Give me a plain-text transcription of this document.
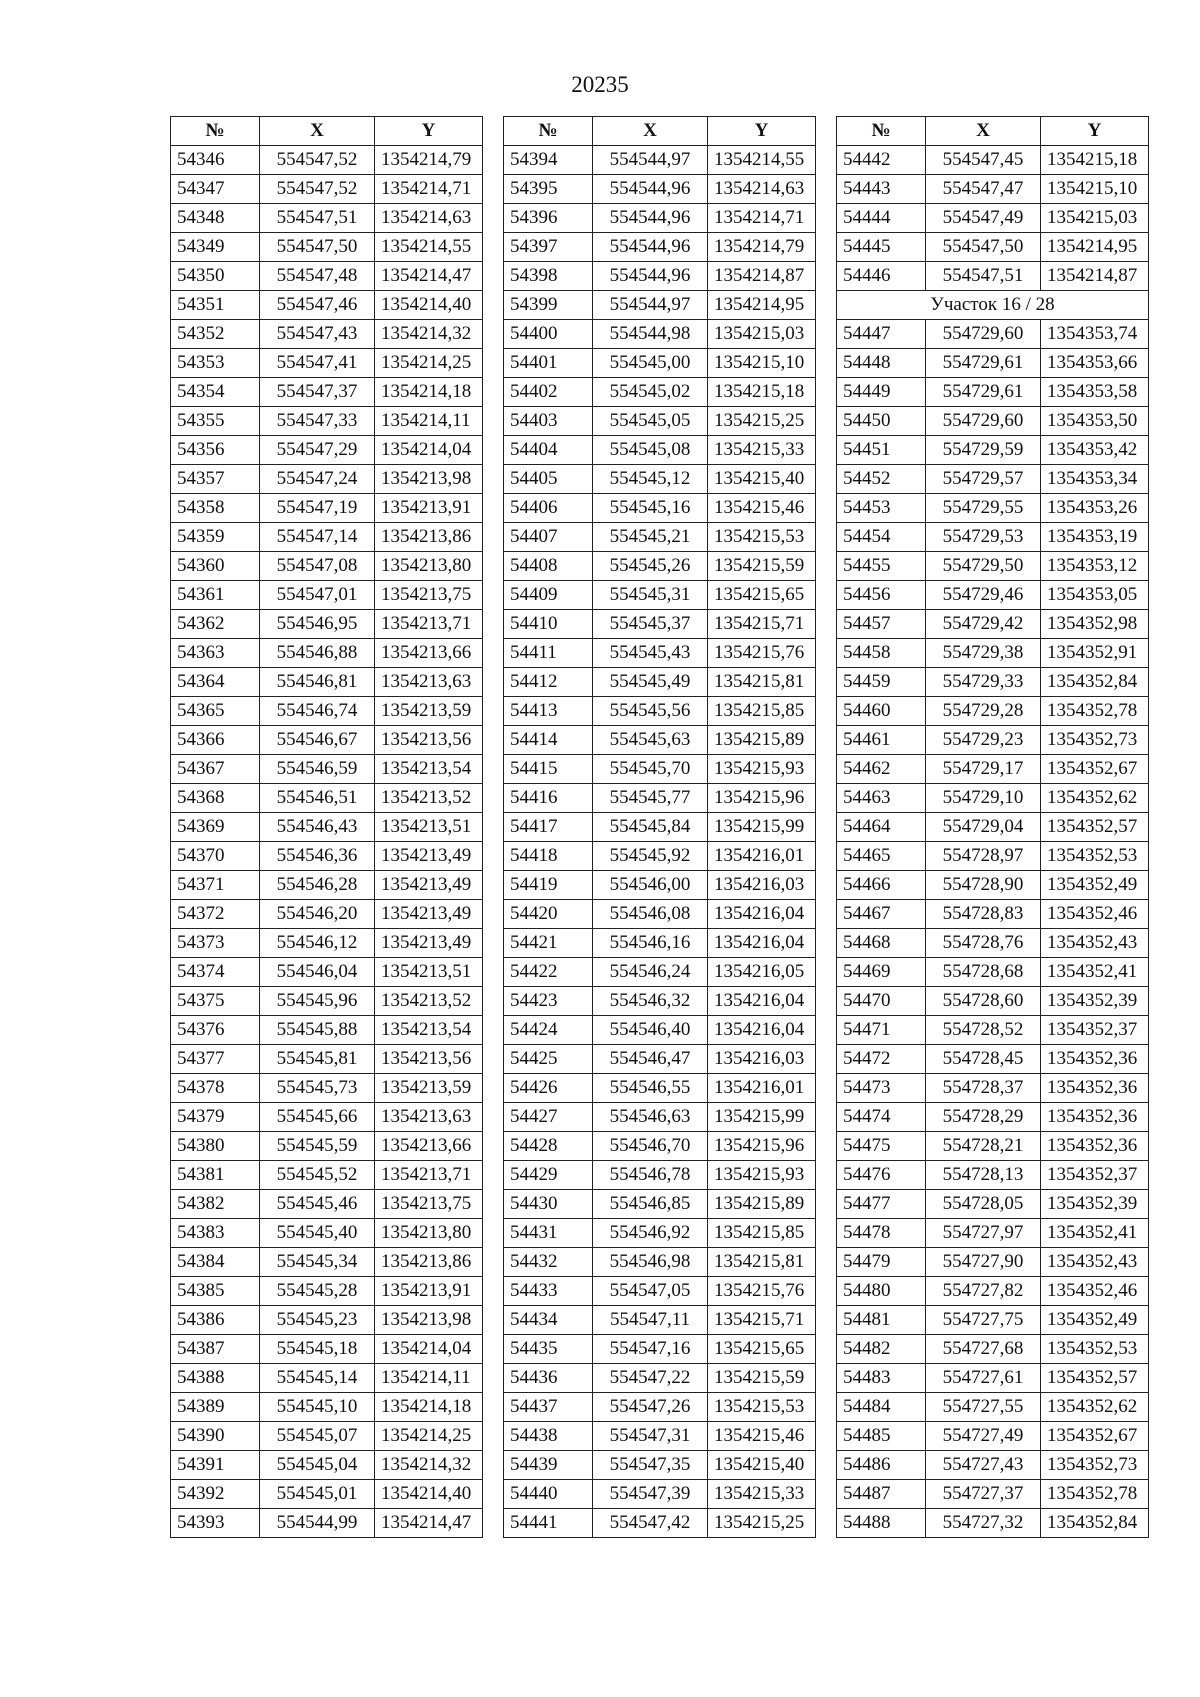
20235
№	X	Y
54346	554547,52	1354214,79
54347	554547,52	1354214,71
54348	554547,51	1354214,63
54349	554547,50	1354214,55
54350	554547,48	1354214,47
54351	554547,46	1354214,40
54352	554547,43	1354214,32
54353	554547,41	1354214,25
54354	554547,37	1354214,18
54355	554547,33	1354214,11
54356	554547,29	1354214,04
54357	554547,24	1354213,98
54358	554547,19	1354213,91
54359	554547,14	1354213,86
54360	554547,08	1354213,80
54361	554547,01	1354213,75
54362	554546,95	1354213,71
54363	554546,88	1354213,66
54364	554546,81	1354213,63
54365	554546,74	1354213,59
54366	554546,67	1354213,56
54367	554546,59	1354213,54
54368	554546,51	1354213,52
54369	554546,43	1354213,51
54370	554546,36	1354213,49
54371	554546,28	1354213,49
54372	554546,20	1354213,49
54373	554546,12	1354213,49
54374	554546,04	1354213,51
54375	554545,96	1354213,52
54376	554545,88	1354213,54
54377	554545,81	1354213,56
54378	554545,73	1354213,59
54379	554545,66	1354213,63
54380	554545,59	1354213,66
54381	554545,52	1354213,71
54382	554545,46	1354213,75
54383	554545,40	1354213,80
54384	554545,34	1354213,86
54385	554545,28	1354213,91
54386	554545,23	1354213,98
54387	554545,18	1354214,04
54388	554545,14	1354214,11
54389	554545,10	1354214,18
54390	554545,07	1354214,25
54391	554545,04	1354214,32
54392	554545,01	1354214,40
54393	554544,99	1354214,47
№	X	Y
54394	554544,97	1354214,55
54395	554544,96	1354214,63
54396	554544,96	1354214,71
54397	554544,96	1354214,79
54398	554544,96	1354214,87
54399	554544,97	1354214,95
54400	554544,98	1354215,03
54401	554545,00	1354215,10
54402	554545,02	1354215,18
54403	554545,05	1354215,25
54404	554545,08	1354215,33
54405	554545,12	1354215,40
54406	554545,16	1354215,46
54407	554545,21	1354215,53
54408	554545,26	1354215,59
54409	554545,31	1354215,65
54410	554545,37	1354215,71
54411	554545,43	1354215,76
54412	554545,49	1354215,81
54413	554545,56	1354215,85
54414	554545,63	1354215,89
54415	554545,70	1354215,93
54416	554545,77	1354215,96
54417	554545,84	1354215,99
54418	554545,92	1354216,01
54419	554546,00	1354216,03
54420	554546,08	1354216,04
54421	554546,16	1354216,04
54422	554546,24	1354216,05
54423	554546,32	1354216,04
54424	554546,40	1354216,04
54425	554546,47	1354216,03
54426	554546,55	1354216,01
54427	554546,63	1354215,99
54428	554546,70	1354215,96
54429	554546,78	1354215,93
54430	554546,85	1354215,89
54431	554546,92	1354215,85
54432	554546,98	1354215,81
54433	554547,05	1354215,76
54434	554547,11	1354215,71
54435	554547,16	1354215,65
54436	554547,22	1354215,59
54437	554547,26	1354215,53
54438	554547,31	1354215,46
54439	554547,35	1354215,40
54440	554547,39	1354215,33
54441	554547,42	1354215,25
№	X	Y
54442	554547,45	1354215,18
54443	554547,47	1354215,10
54444	554547,49	1354215,03
54445	554547,50	1354214,95
54446	554547,51	1354214,87
Участок 16 / 28		
54447	554729,60	1354353,74
54448	554729,61	1354353,66
54449	554729,61	1354353,58
54450	554729,60	1354353,50
54451	554729,59	1354353,42
54452	554729,57	1354353,34
54453	554729,55	1354353,26
54454	554729,53	1354353,19
54455	554729,50	1354353,12
54456	554729,46	1354353,05
54457	554729,42	1354352,98
54458	554729,38	1354352,91
54459	554729,33	1354352,84
54460	554729,28	1354352,78
54461	554729,23	1354352,73
54462	554729,17	1354352,67
54463	554729,10	1354352,62
54464	554729,04	1354352,57
54465	554728,97	1354352,53
54466	554728,90	1354352,49
54467	554728,83	1354352,46
54468	554728,76	1354352,43
54469	554728,68	1354352,41
54470	554728,60	1354352,39
54471	554728,52	1354352,37
54472	554728,45	1354352,36
54473	554728,37	1354352,36
54474	554728,29	1354352,36
54475	554728,21	1354352,36
54476	554728,13	1354352,37
54477	554728,05	1354352,39
54478	554727,97	1354352,41
54479	554727,90	1354352,43
54480	554727,82	1354352,46
54481	554727,75	1354352,49
54482	554727,68	1354352,53
54483	554727,61	1354352,57
54484	554727,55	1354352,62
54485	554727,49	1354352,67
54486	554727,43	1354352,73
54487	554727,37	1354352,78
54488	554727,32	1354352,84
